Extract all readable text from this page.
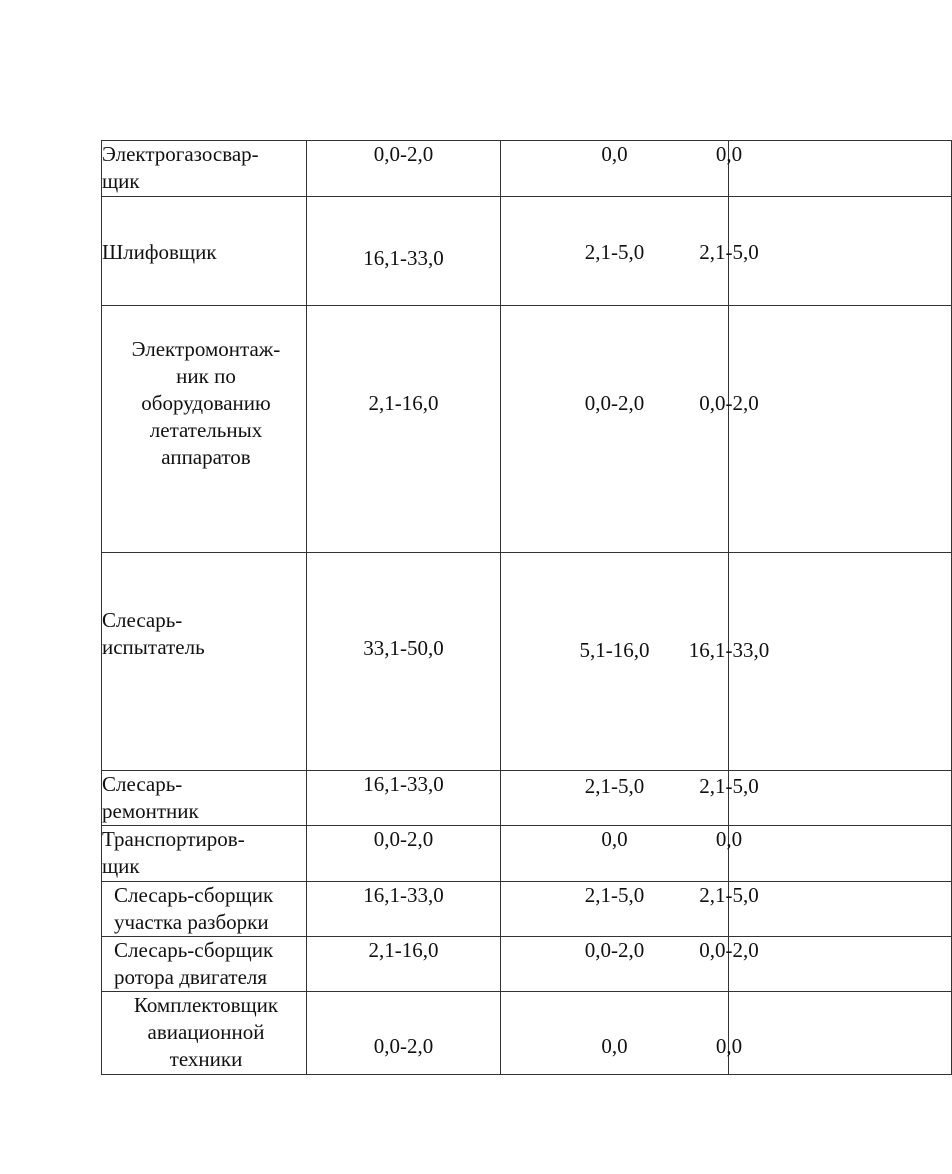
Электрогазосвар-
щик	0,0-2,0	0,0	0,0

Шлифовщик	16,1-33,0	2,1-5,0	2,1-5,0

Электромонтаж-
ник по
оборудованию
летательных
аппаратов	2,1-16,0	0,0-2,0	0,0-2,0

Слесарь-
испытатель	33,1-50,0	5,1-16,0	16,1-33,0

Слесарь-
ремонтник	16,1-33,0	2,1-5,0	2,1-5,0

Транспортиров-
щик	0,0-2,0	0,0	0,0

Слесарь-сборщик
участка разборки	16,1-33,0	2,1-5,0	2,1-5,0

Слесарь-сборщик
ротора двигателя	2,1-16,0	0,0-2,0	0,0-2,0

Комплектовщик
авиационной
техники	0,0-2,0	0,0	0,0
